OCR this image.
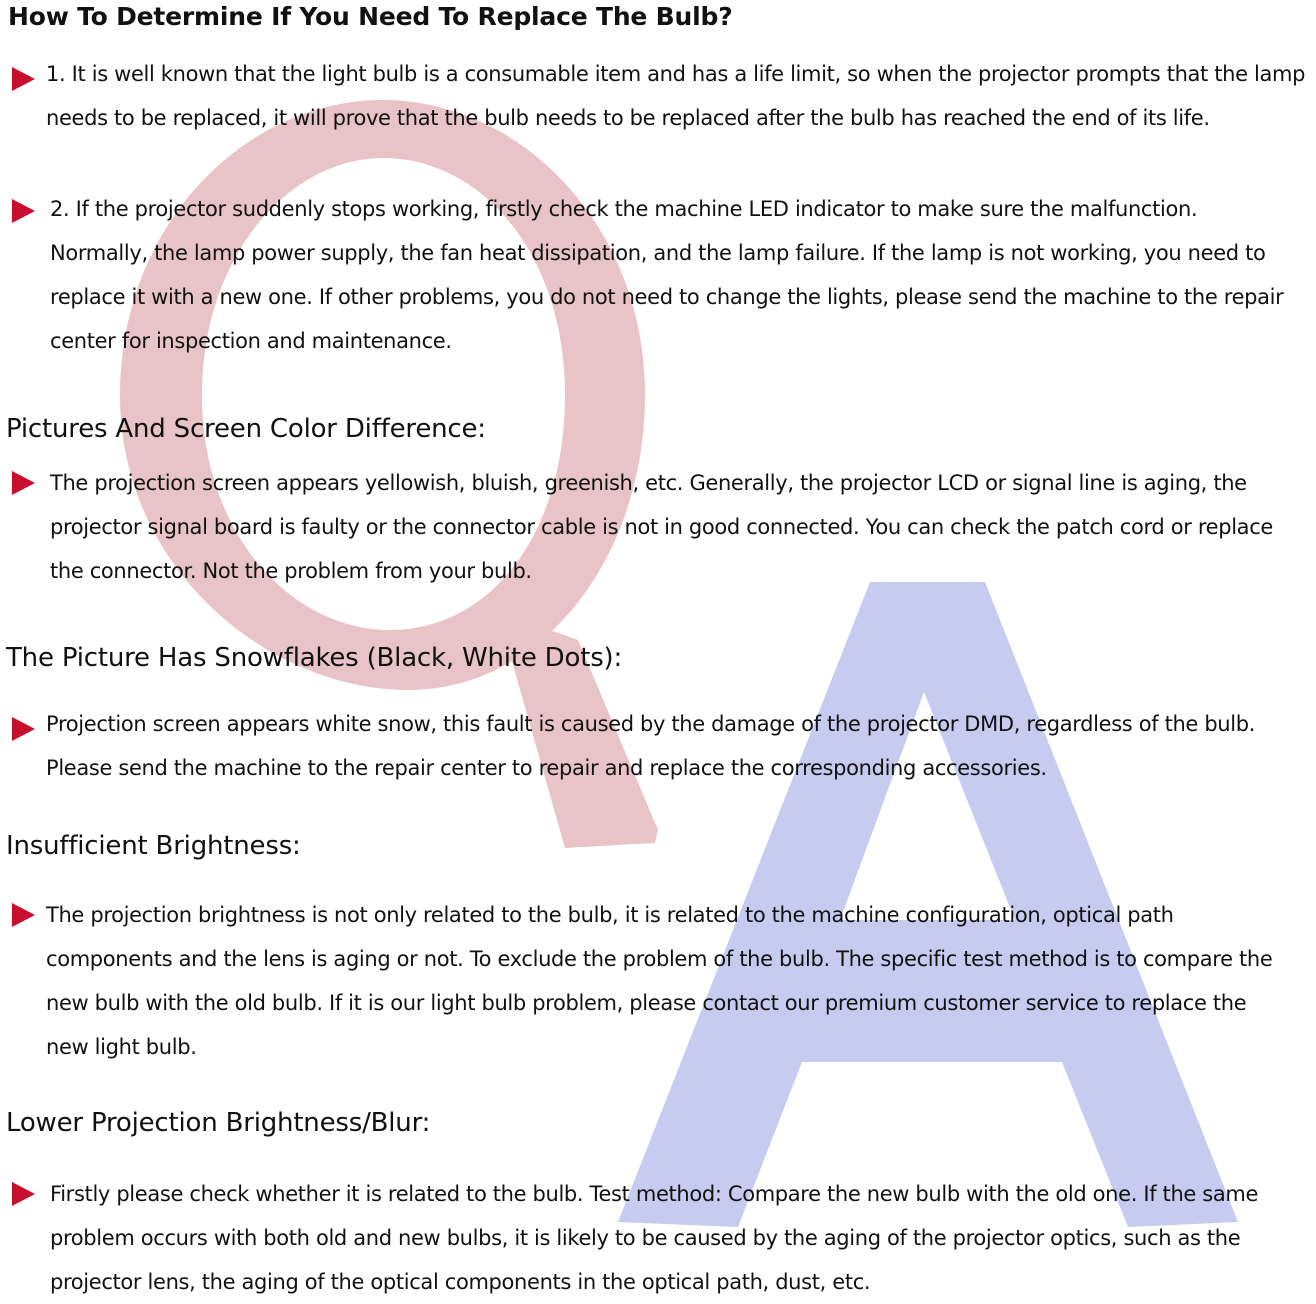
How To Determine If You Need To Replace The Bulb?

1. It is well known that the light bulb is a consumable item and has a life limit, so when the projector prompts that the lamp needs to be replaced, it will prove that the bulb needs to be replaced after the bulb has reached the end of its life.

2. If the projector suddenly stops working, firstly check the machine LED indicator to make sure the malfunction. Normally, the lamp power supply, the fan heat dissipation, and the lamp failure. If the lamp is not working, you need to replace it with a new one. If other problems, you do not need to change the lights, please send the machine to the repair center for inspection and maintenance.

Pictures And Screen Color Difference:

The projection screen appears yellowish, bluish, greenish, etc. Generally, the projector LCD or signal line is aging, the projector signal board is faulty or the connector cable is not in good connected. You can check the patch cord or replace the connector. Not the problem from your bulb.

The Picture Has Snowflakes (Black, White Dots):

Projection screen appears white snow, this fault is caused by the damage of the projector DMD, regardless of the bulb. Please send the machine to the repair center to repair and replace the corresponding accessories.

Insufficient Brightness:

The projection brightness is not only related to the bulb, it is related to the machine configuration, optical path components and the lens is aging or not. To exclude the problem of the bulb. The specific test method is to compare the new bulb with the old bulb. If it is our light bulb problem, please contact our premium customer service to replace the new light bulb.

Lower Projection Brightness/Blur:

Firstly please check whether it is related to the bulb. Test method: Compare the new bulb with the old one. If the same problem occurs with both old and new bulbs, it is likely to be caused by the aging of the projector optics, such as the projector lens, the aging of the optical components in the optical path, dust, etc.
